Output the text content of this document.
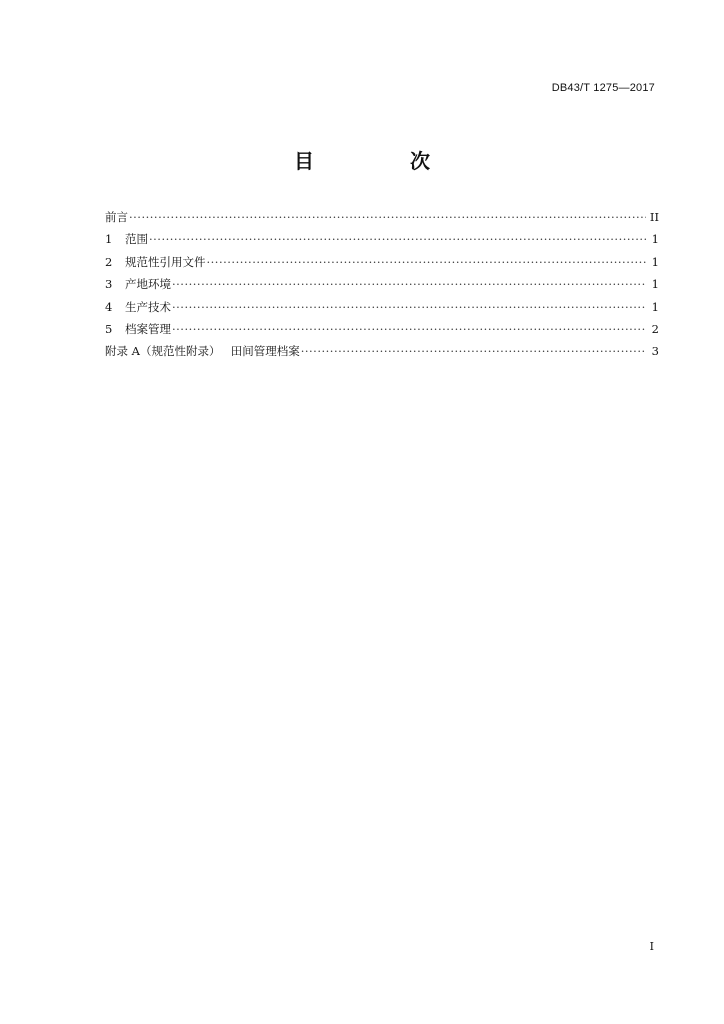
DB43/T 1275—2017
目　次
前言 ·····	II
1	范围 ·····	1
2	规范性引用文件 ·····	1
3	产地环境 ·····	1
4	生产技术 ·····	1
5	档案管理 ·····	2
附录 A（规范性附录） 田间管理档案 ·····	3
I
